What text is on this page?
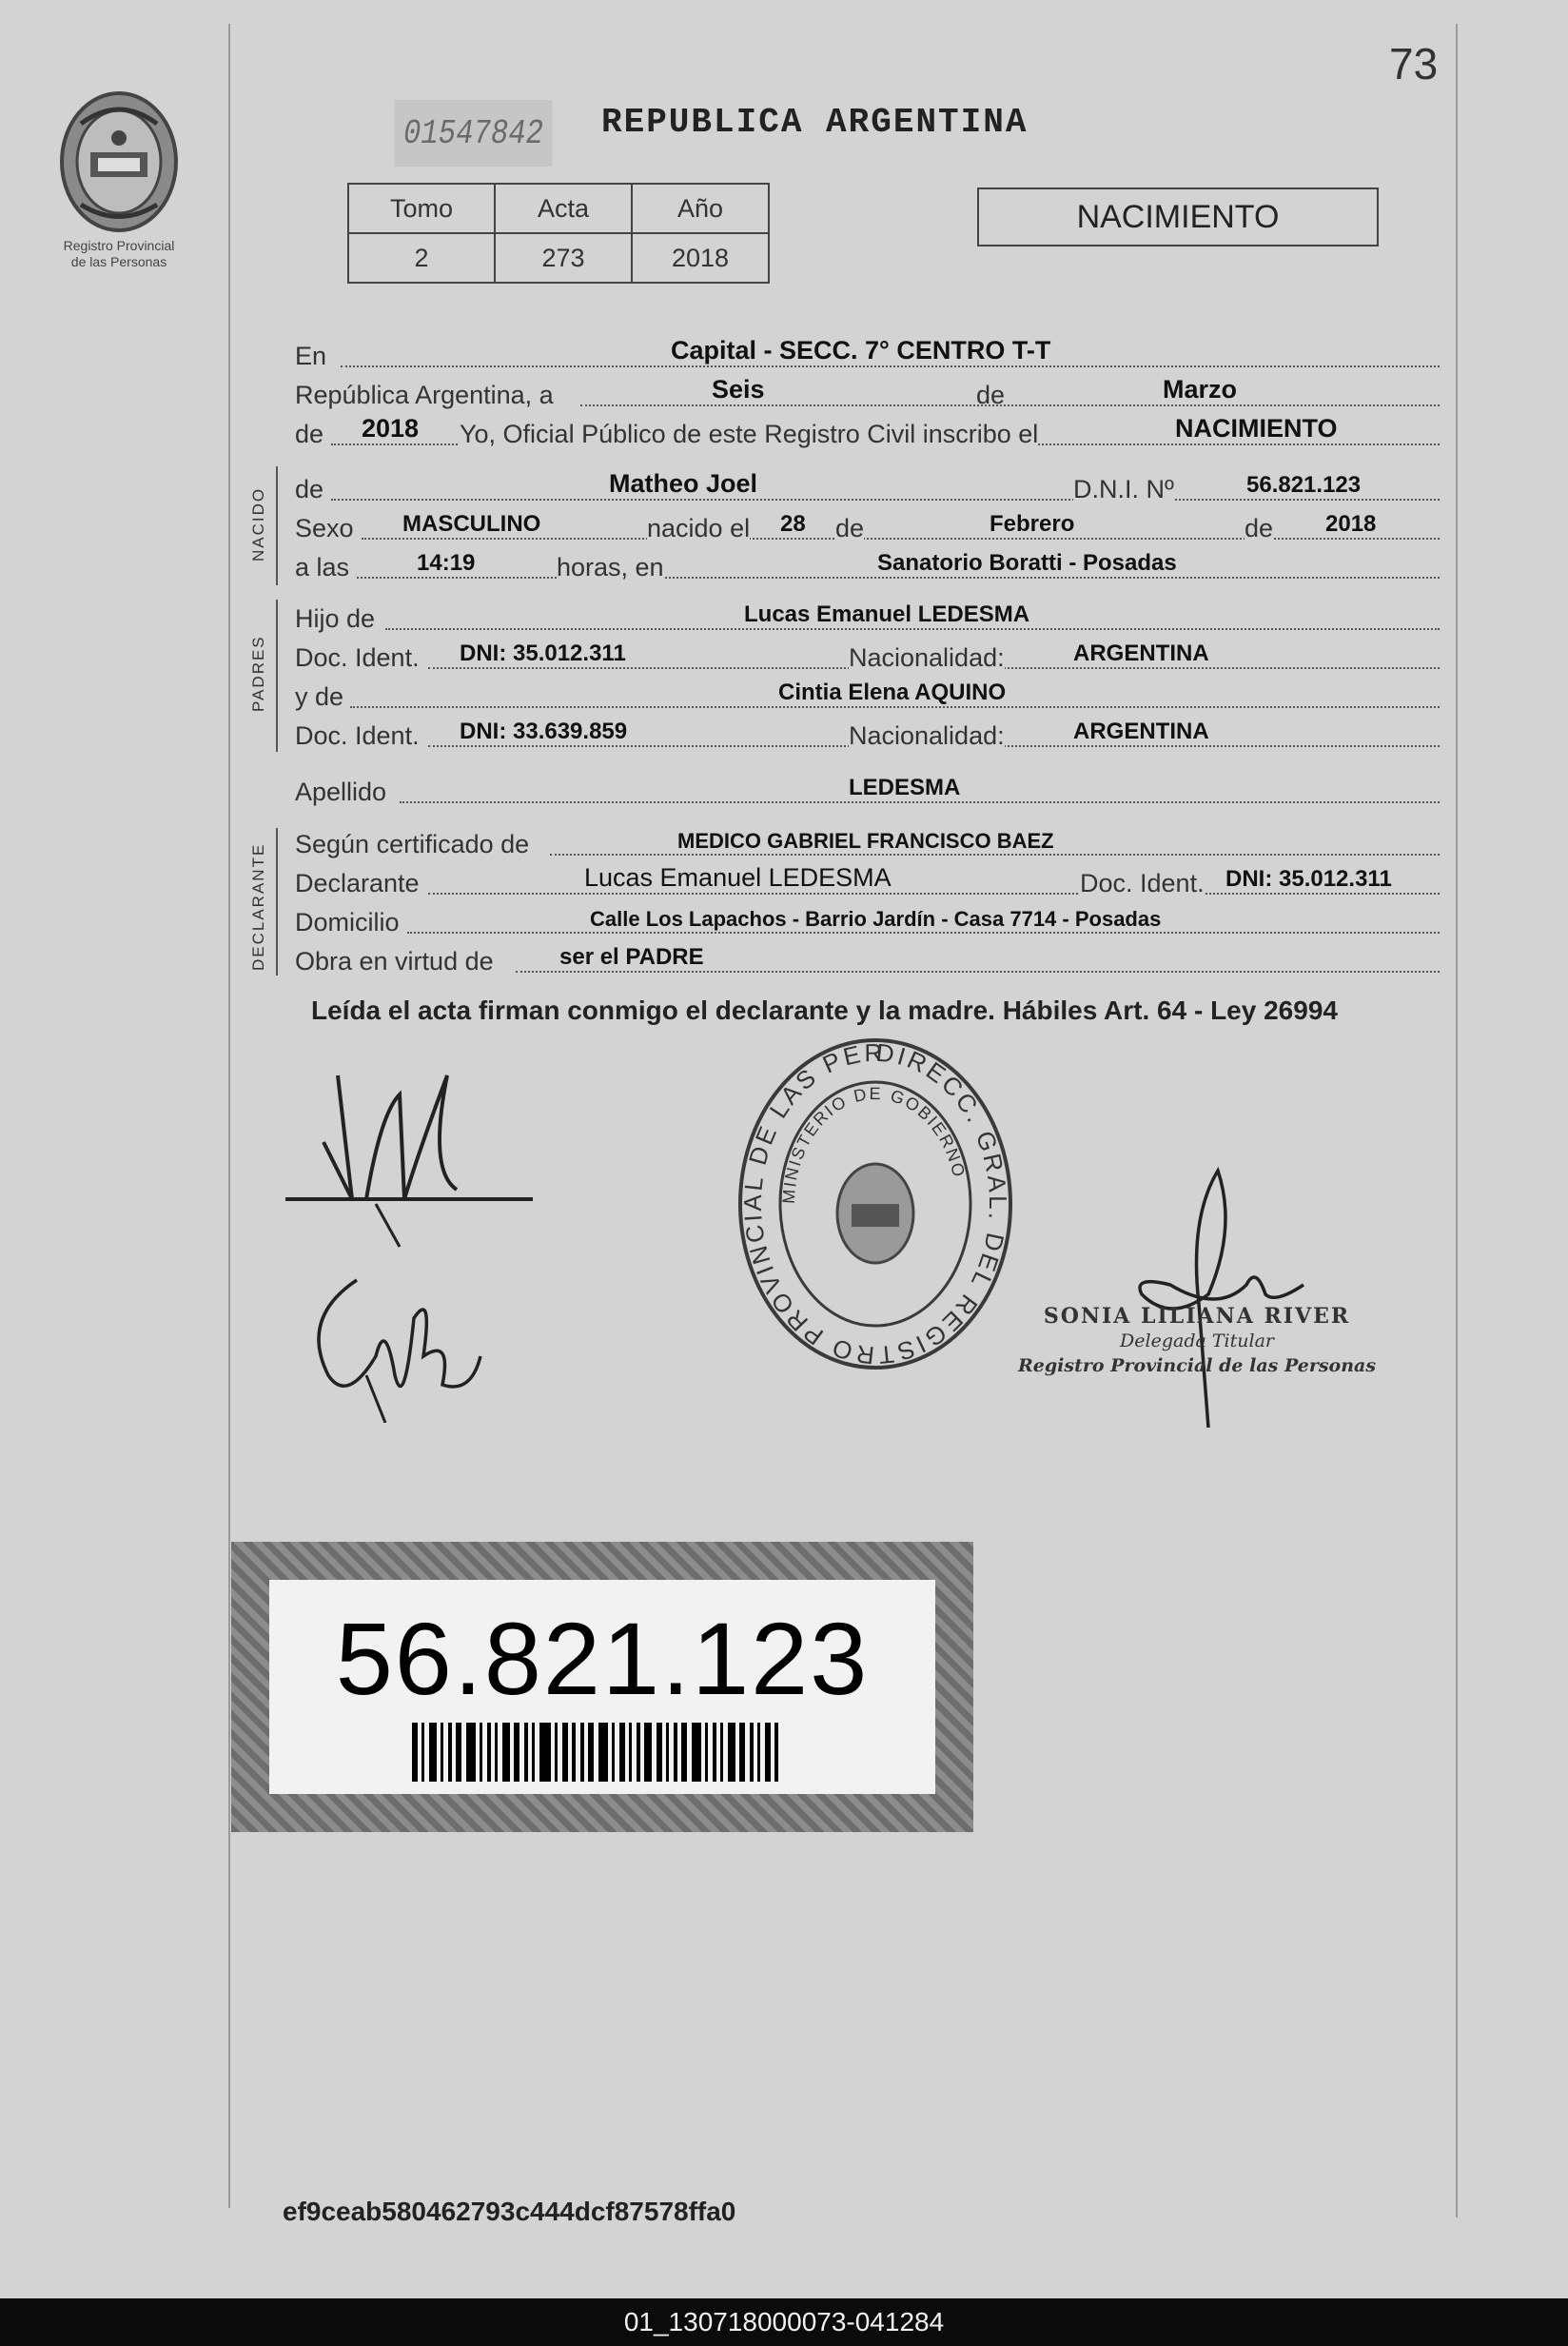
73
Registro Provincial
de las Personas
01547842 REPUBLICA ARGENTINA
Tomo	Acta	Año
2	273	2018
NACIMIENTO
En	Capital - SECC. 7° CENTRO T-T
República Argentina, a	Seis	de	Marzo
de 2018 Yo, Oficial Público de este Registro Civil inscribo el	NACIMIENTO
NACIDO de	Matheo Joel	D.N.I. Nº	56.821.123
Sexo MASCULINO	nacido el 28 de	Febrero	de 2018
a las	14:19	horas, en	Sanatorio Boratti - Posadas
PADRES
Hijo de	Lucas Emanuel LEDESMA
Doc. Ident. DNI: 35.012.311	Nacionalidad:	ARGENTINA
y de	Cintia Elena AQUINO
Doc. Ident. DNI: 33.639.859	Nacionalidad:	ARGENTINA
Apellido	LEDESMA
DECLARANTE Según certificado de	MEDICO GABRIEL FRANCISCO BAEZ
Declarante	Lucas Emanuel LEDESMA	Doc. Ident. DNI: 35.012.311
Domicilio	Calle Los Lapachos - Barrio Jardín - Casa 7714 - Posadas
Obra en virtud de	ser el PADRE
Leída el acta firman conmigo el declarante y la madre. Hábiles Art. 64 - Ley 26994
DIRECC. GRAL. DEL REGISTRO PROVINCIAL DE LAS PER
MINISTERIO DE GOBIERNO
SONIA LILIANA RIVER
Delegada Titular
Registro Provincial de las Personas
56.821.123
ef9ceab580462793c444dcf87578ffa0
01_130718000073-041284
